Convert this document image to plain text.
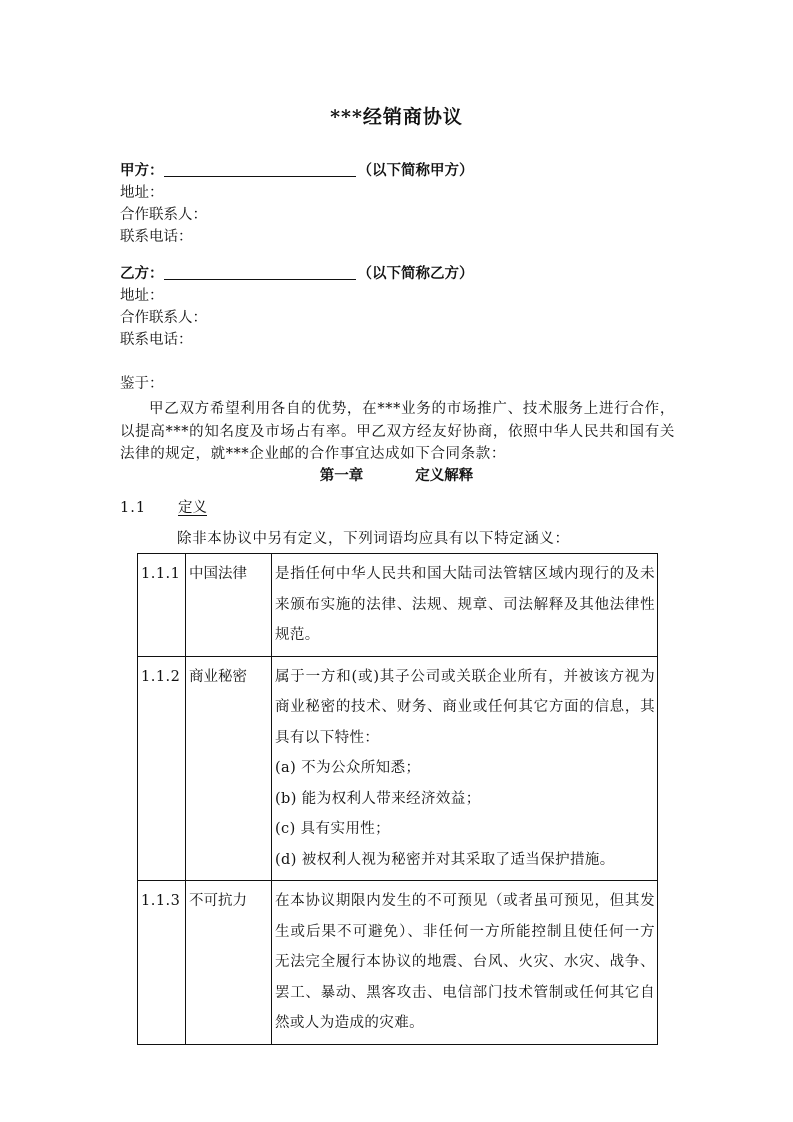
***经销商协议
甲方：	（以下简称甲方）
地址：
合作联系人：
联系电话：
乙方：	（以下简称乙方）
地址：
合作联系人：
联系电话：
鉴于：
甲乙双方希望利用各自的优势，在***业务的市场推广、技术服务上进行合作，以提高***的知名度及市场占有率。甲乙双方经友好协商，依照中华人民共和国有关法律的规定，就***企业邮的合作事宜达成如下合同条款：
第一章	定义解释
1.1 定义
除非本协议中另有定义，下列词语均应具有以下特定涵义：
1.1.1	中国法律	是指任何中华人民共和国大陆司法管辖区域内现行的及未来颁布实施的法律、法规、规章、司法解释及其他法律性规范。

1.1.2	商业秘密	属于一方和(或)其子公司或关联企业所有，并被该方视为商业秘密的技术、财务、商业或任何其它方面的信息，其具有以下特性：
(a) 不为公众所知悉；
(b) 能为权利人带来经济效益；
(c) 具有实用性；
(d) 被权利人视为秘密并对其采取了适当保护措施。

1.1.3	不可抗力	在本协议期限内发生的不可预见（或者虽可预见，但其发生或后果不可避免）、非任何一方所能控制且使任何一方无法完全履行本协议的地震、台风、火灾、水灾、战争、罢工、暴动、黑客攻击、电信部门技术管制或任何其它自然或人为造成的灾难。
